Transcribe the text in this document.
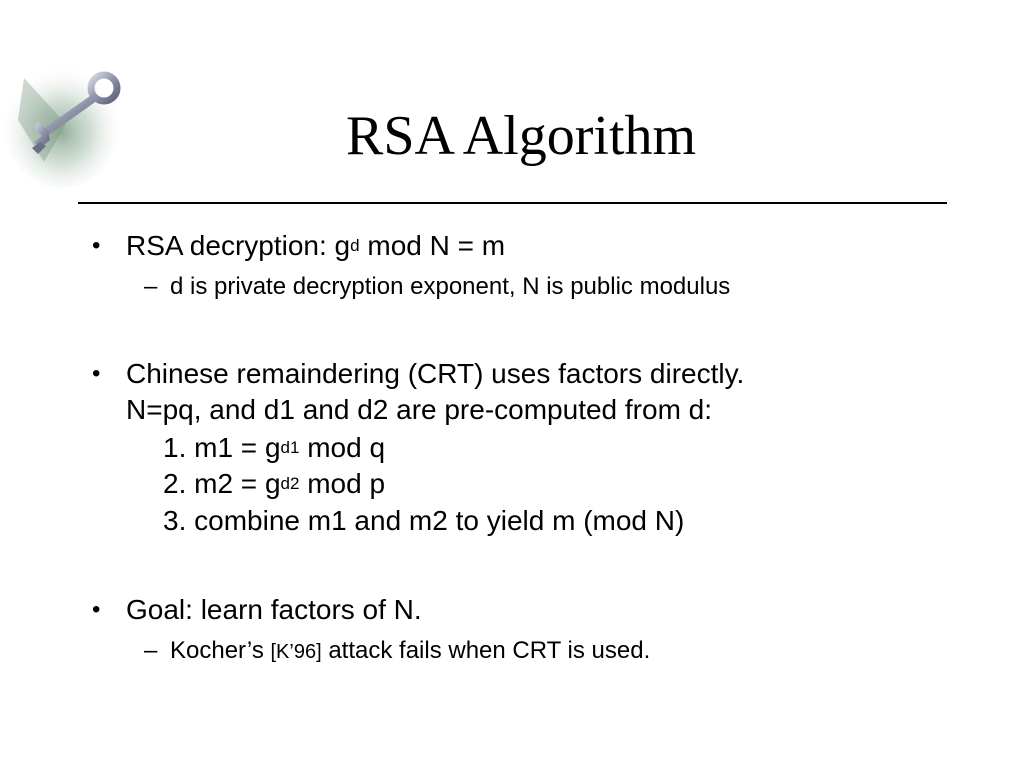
RSA Algorithm
• RSA decryption: $g^d$ mod N = m
– d is private decryption exponent, N is public modulus
• Chinese remaindering (CRT) uses factors directly.
N=pq, and d1 and d2 are pre-computed from d:
1. $m1 = g^{d1}$ mod q
2. $m2 = g^{d2}$ mod p
3. combine m1 and m2 to yield m (mod N)
• Goal: learn factors of N.
– Kocher’s [K’96] attack fails when CRT is used.
